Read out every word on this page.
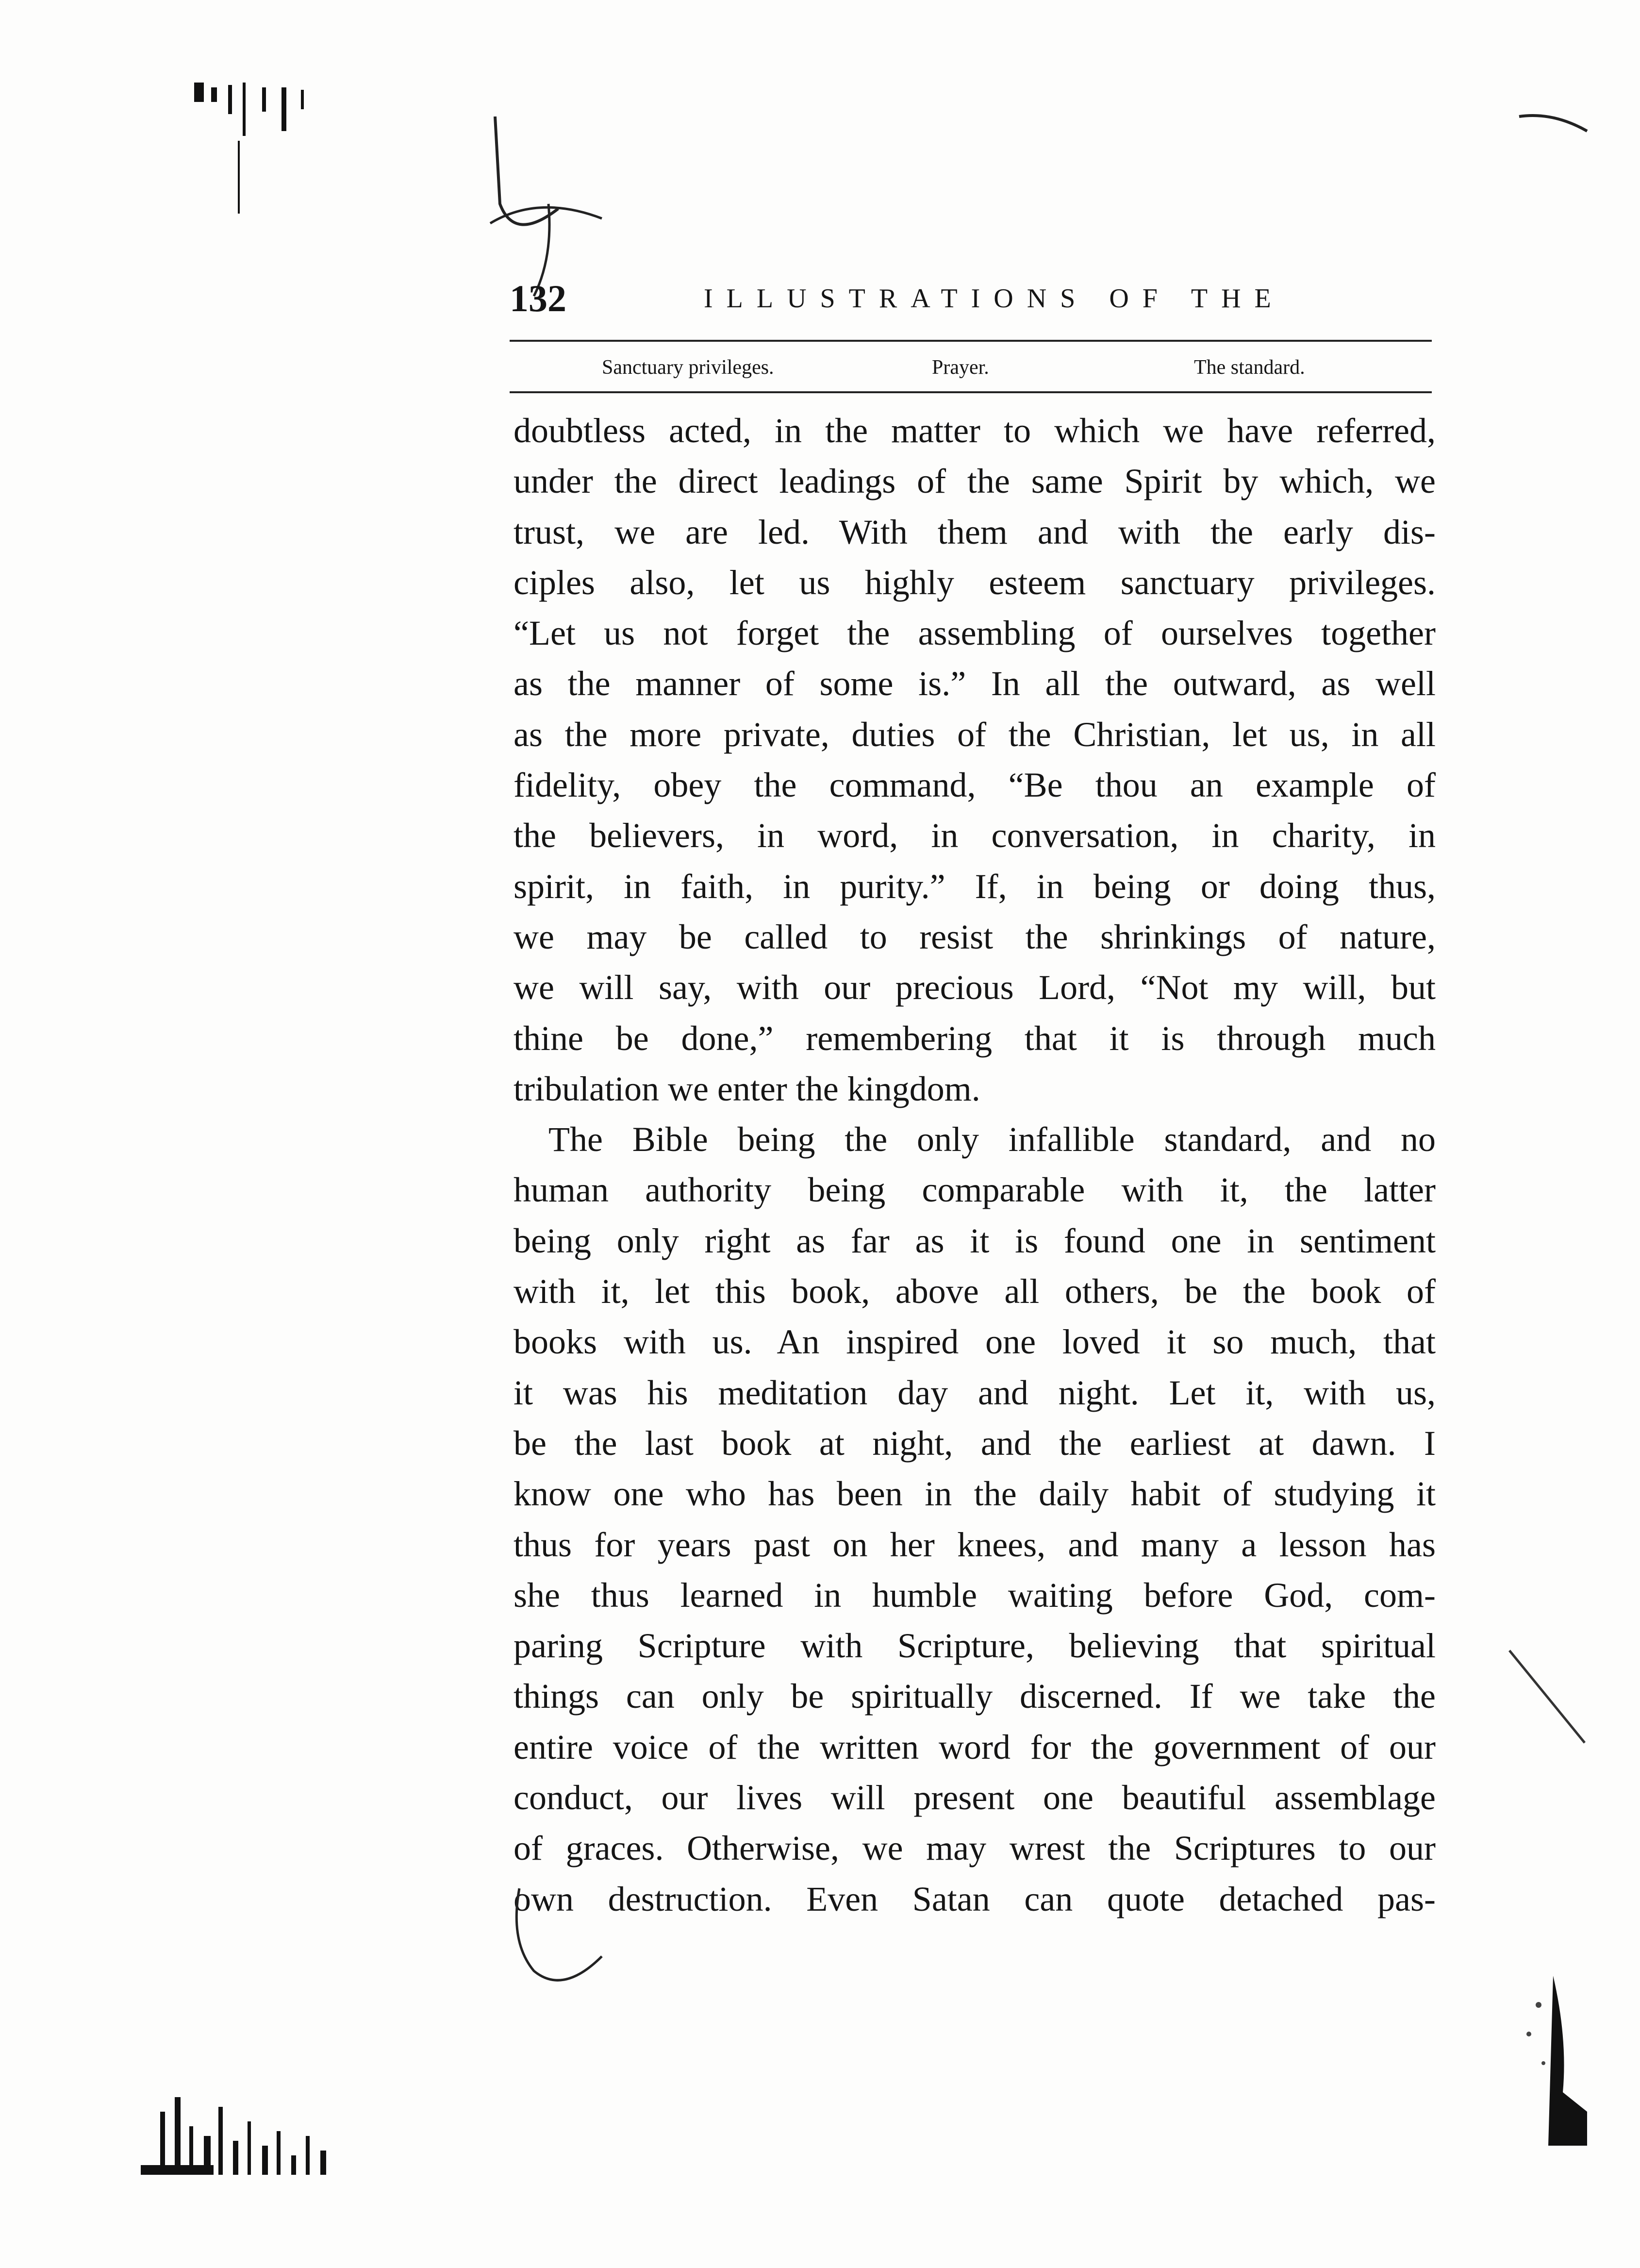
132	ILLUSTRATIONS OF THE
Sanctuary privileges.	Prayer.	The standard.
doubtless acted, in the matter to which we have referred,
under the direct leadings of the same Spirit by which, we
trust, we are led. With them and with the early dis-
ciples also, let us highly esteem sanctuary privileges.
“Let us not forget the assembling of ourselves together
as the manner of some is.” In all the outward, as well
as the more private, duties of the Christian, let us, in all
fidelity, obey the command, “Be thou an example of
the believers, in word, in conversation, in charity, in
spirit, in faith, in purity.” If, in being or doing thus,
we may be called to resist the shrinkings of nature,
we will say, with our precious Lord, “Not my will, but
thine be done,” remembering that it is through much
tribulation we enter the kingdom.
The Bible being the only infallible standard, and no
human authority being comparable with it, the latter
being only right as far as it is found one in sentiment
with it, let this book, above all others, be the book of
books with us. An inspired one loved it so much, that
it was his meditation day and night. Let it, with us,
be the last book at night, and the earliest at dawn. I
know one who has been in the daily habit of studying it
thus for years past on her knees, and many a lesson has
she thus learned in humble waiting before God, com-
paring Scripture with Scripture, believing that spiritual
things can only be spiritually discerned. If we take the
entire voice of the written word for the government of our
conduct, our lives will present one beautiful assemblage
of graces. Otherwise, we may wrest the Scriptures to our
own destruction. Even Satan can quote detached pas-
